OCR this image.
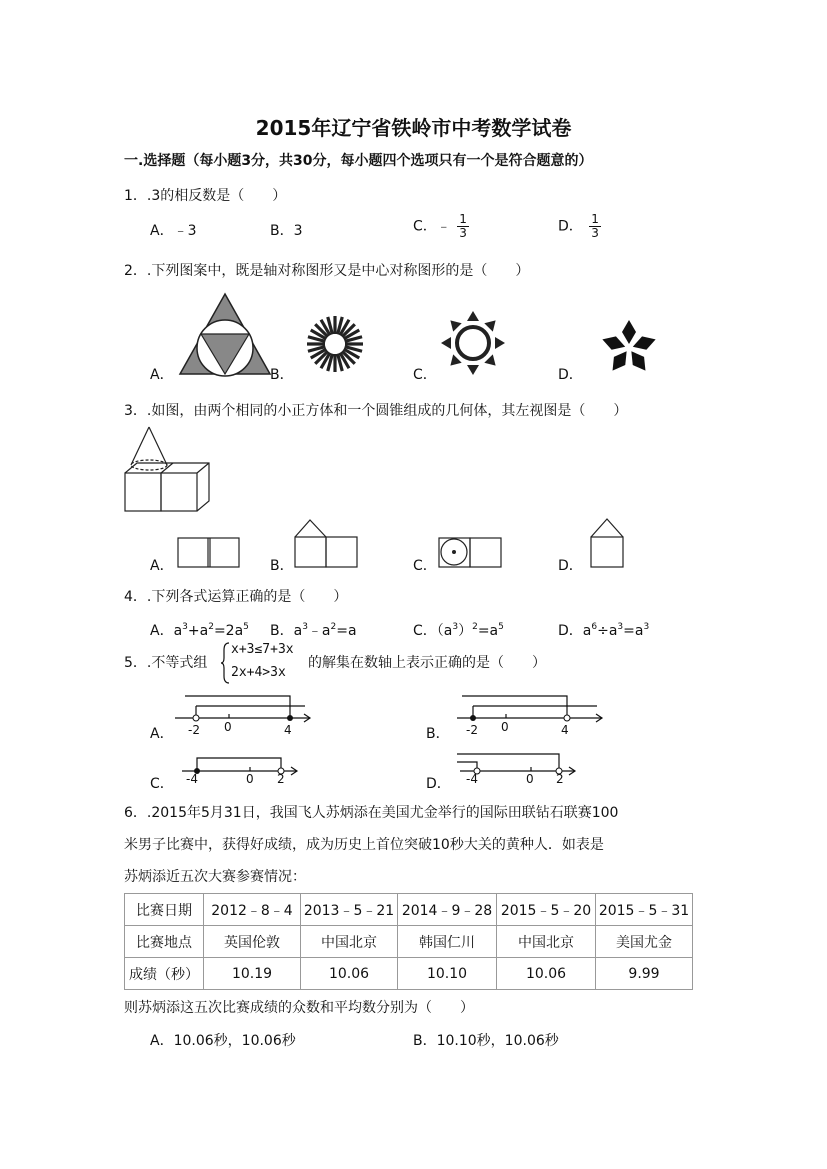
2015年辽宁省铁岭市中考数学试卷
一.选择题（每小题3分，共30分，每小题四个选项只有一个是符合题意的）
1．.3的相反数是（　　）
A．﹣3	B．3	C．﹣ $\frac{1}{3}$	D． $\frac{1}{3}$
2．.下列图案中，既是轴对称图形又是中心对称图形的是（　　）
A．	B．	C．	D．
3．.如图，由两个相同的小正方体和一个圆锥组成的几何体，其左视图是（　　）
A．	B．	C．	D．
4．.下列各式运算正确的是（　　）
A．$a^3+a^2=2a^5$ B．$a^3﹣a^2=a$	C．$(a^3)^2=a^5$	D．$a^6\div a^3=a^3$
5．.不等式组
x+3≤7+3x
2x+4>3x
的解集在数轴上表示正确的是（　　）
-2 0	4	-2 0	4
-4	0 2	-4	0 2
A．	B．
C．	D．
6．.2015年5月31日，我国飞人苏炳添在美国尤金举行的国际田联钻石联赛100
米男子比赛中，获得好成绩，成为历史上首位突破10秒大关的黄种人．如表是
苏炳添近五次大赛参赛情况：
比赛日期	2012﹣8﹣4	2013﹣5﹣21	2014﹣9﹣28	2015﹣5﹣20	2015﹣5﹣31
比赛地点	英国伦敦	中国北京	韩国仁川	中国北京	美国尤金
成绩（秒）	10.19	10.06	10.10	10.06	9.99
则苏炳添这五次比赛成绩的众数和平均数分别为（　　）
A．10.06秒，10.06秒	B．10.10秒，10.06秒
